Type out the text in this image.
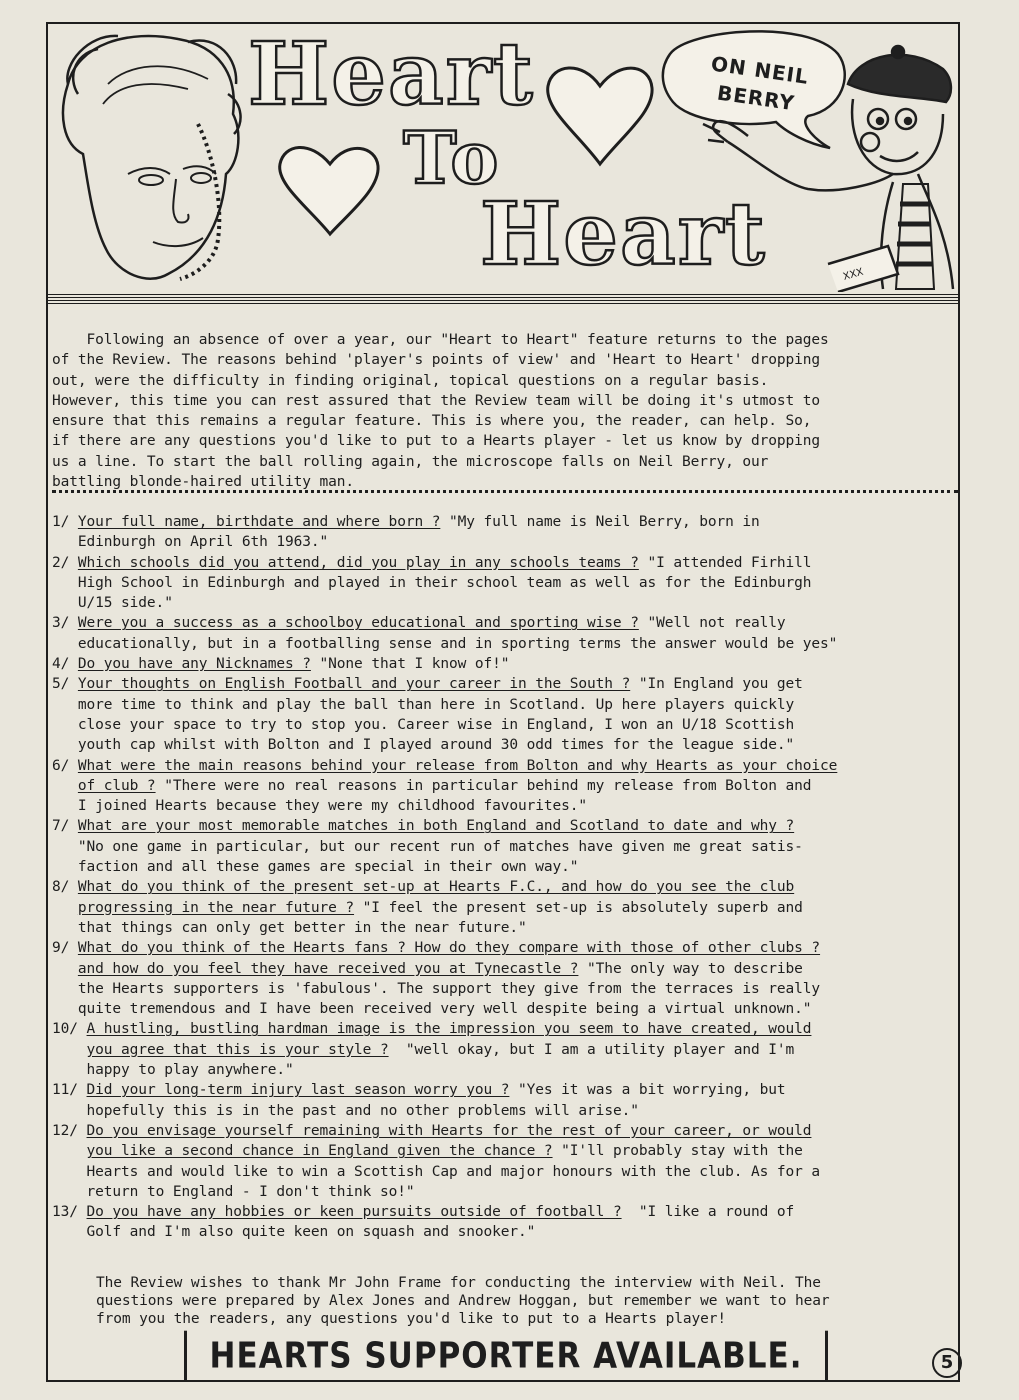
XXX
Heart
To
Heart
ON NEIL
BERRY
Following an absence of over a year, our "Heart to Heart" feature returns to the pages
of the Review. The reasons behind 'player's points of view' and 'Heart to Heart' dropping
out, were the difficulty in finding original, topical questions on a regular basis.
However, this time you can rest assured that the Review team will be doing it's utmost to
ensure that this remains a regular feature. This is where you, the reader, can help. So,
if there are any questions you'd like to put to a Hearts player - let us know by dropping
us a line. To start the ball rolling again, the microscope falls on Neil Berry, our
battling blonde-haired utility man.
1/ Your full name, birthdate and where born ? "My full name is Neil Berry, born in
Edinburgh on April 6th 1963."
2/ Which schools did you attend, did you play in any schools teams ? "I attended Firhill
High School in Edinburgh and played in their school team as well as for the Edinburgh
U/15 side."
3/ Were you a success as a schoolboy educational and sporting wise ? "Well not really
educationally, but in a footballing sense and in sporting terms the answer would be yes"
4/ Do you have any Nicknames ? "None that I know of!"
5/ Your thoughts on English Football and your career in the South ? "In England you get
more time to think and play the ball than here in Scotland. Up here players quickly
close your space to try to stop you. Career wise in England, I won an U/18 Scottish
youth cap whilst with Bolton and I played around 30 odd times for the league side."
6/ What were the main reasons behind your release from Bolton and why Hearts as your choice
of club ? "There were no real reasons in particular behind my release from Bolton and
I joined Hearts because they were my childhood favourites."
7/ What are your most memorable matches in both England and Scotland to date and why ?
"No one game in particular, but our recent run of matches have given me great satis-
faction and all these games are special in their own way."
8/ What do you think of the present set-up at Hearts F.C., and how do you see the club
progressing in the near future ? "I feel the present set-up is absolutely superb and
that things can only get better in the near future."
9/ What do you think of the Hearts fans ? How do they compare with those of other clubs ?
and how do you feel they have received you at Tynecastle ? "The only way to describe
the Hearts supporters is 'fabulous'. The support they give from the terraces is really
quite tremendous and I have been received very well despite being a virtual unknown."
10/ A hustling, bustling hardman image is the impression you seem to have created, would
you agree that this is your style ?  "well okay, but I am a utility player and I'm
happy to play anywhere."
11/ Did your long-term injury last season worry you ? "Yes it was a bit worrying, but
hopefully this is in the past and no other problems will arise."
12/ Do you envisage yourself remaining with Hearts for the rest of your career, or would
you like a second chance in England given the chance ? "I'll probably stay with the
Hearts and would like to win a Scottish Cap and major honours with the club. As for a
return to England - I don't think so!"
13/ Do you have any hobbies or keen pursuits outside of football ?  "I like a round of
Golf and I'm also quite keen on squash and snooker."
The Review wishes to thank Mr John Frame for conducting the interview with Neil. The
questions were prepared by Alex Jones and Andrew Hoggan, but remember we want to hear
from you the readers, any questions you'd like to put to a Hearts player!
HEARTS SUPPORTER AVAILABLE.	5
